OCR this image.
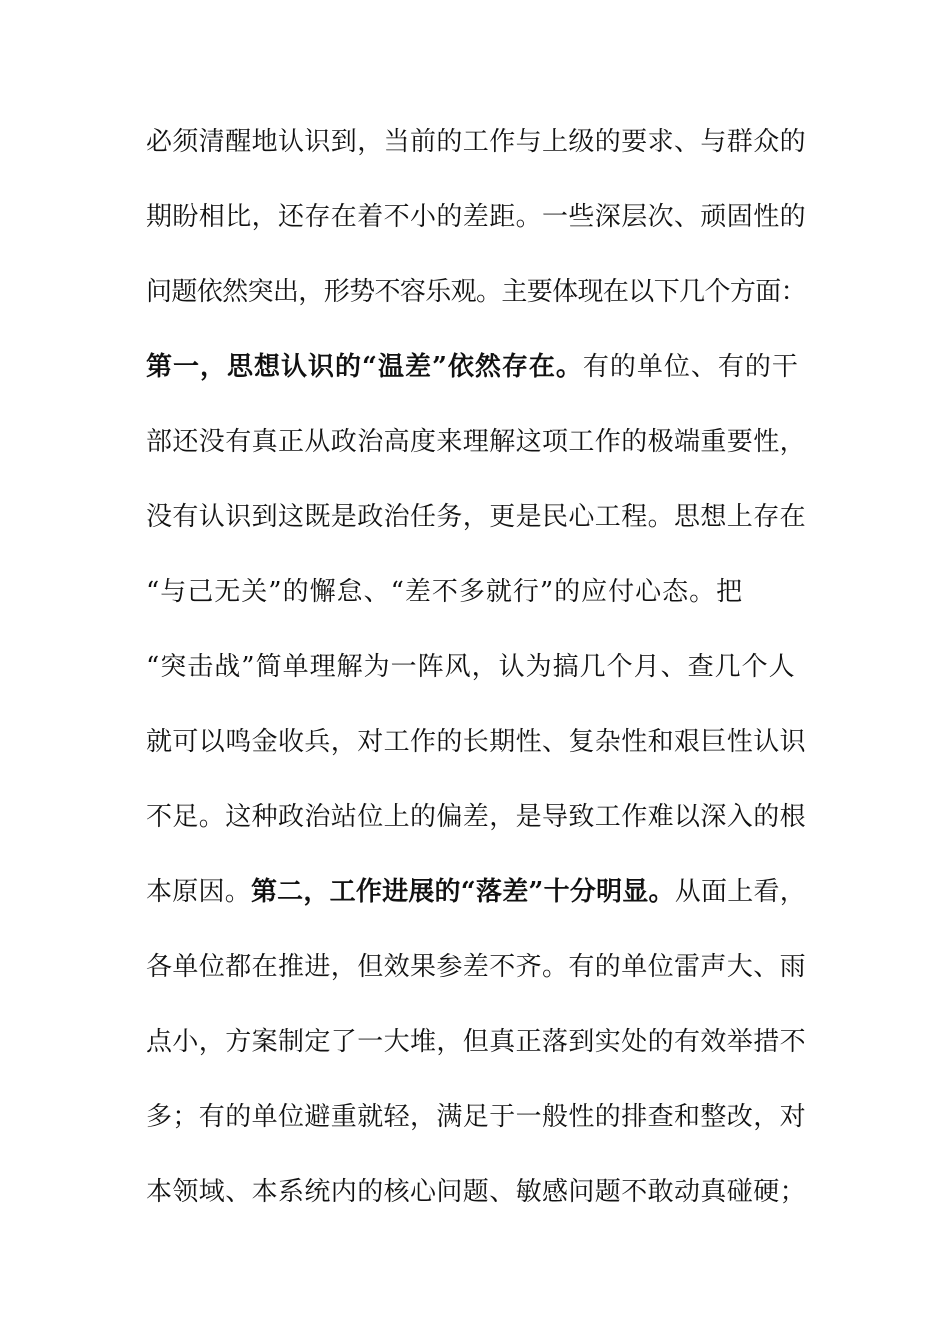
必须清醒地认识到，当前的工作与上级的要求、与群众的
期盼相比，还存在着不小的差距。一些深层次、顽固性的
问题依然突出，形势不容乐观。主要体现在以下几个方面：
第一，思想认识的“温差”依然存在。有的单位、有的干
部还没有真正从政治高度来理解这项工作的极端重要性，
没有认识到这既是政治任务，更是民心工程。思想上存在
“与己无关”的懈怠、“差不多就行”的应付心态。把
“突击战”简单理解为一阵风，认为搞几个月、查几个人
就可以鸣金收兵，对工作的长期性、复杂性和艰巨性认识
不足。这种政治站位上的偏差，是导致工作难以深入的根
本原因。第二，工作进展的“落差”十分明显。从面上看，
各单位都在推进，但效果参差不齐。有的单位雷声大、雨
点小，方案制定了一大堆，但真正落到实处的有效举措不
多；有的单位避重就轻，满足于一般性的排查和整改，对
本领域、本系统内的核心问题、敏感问题不敢动真碰硬；
